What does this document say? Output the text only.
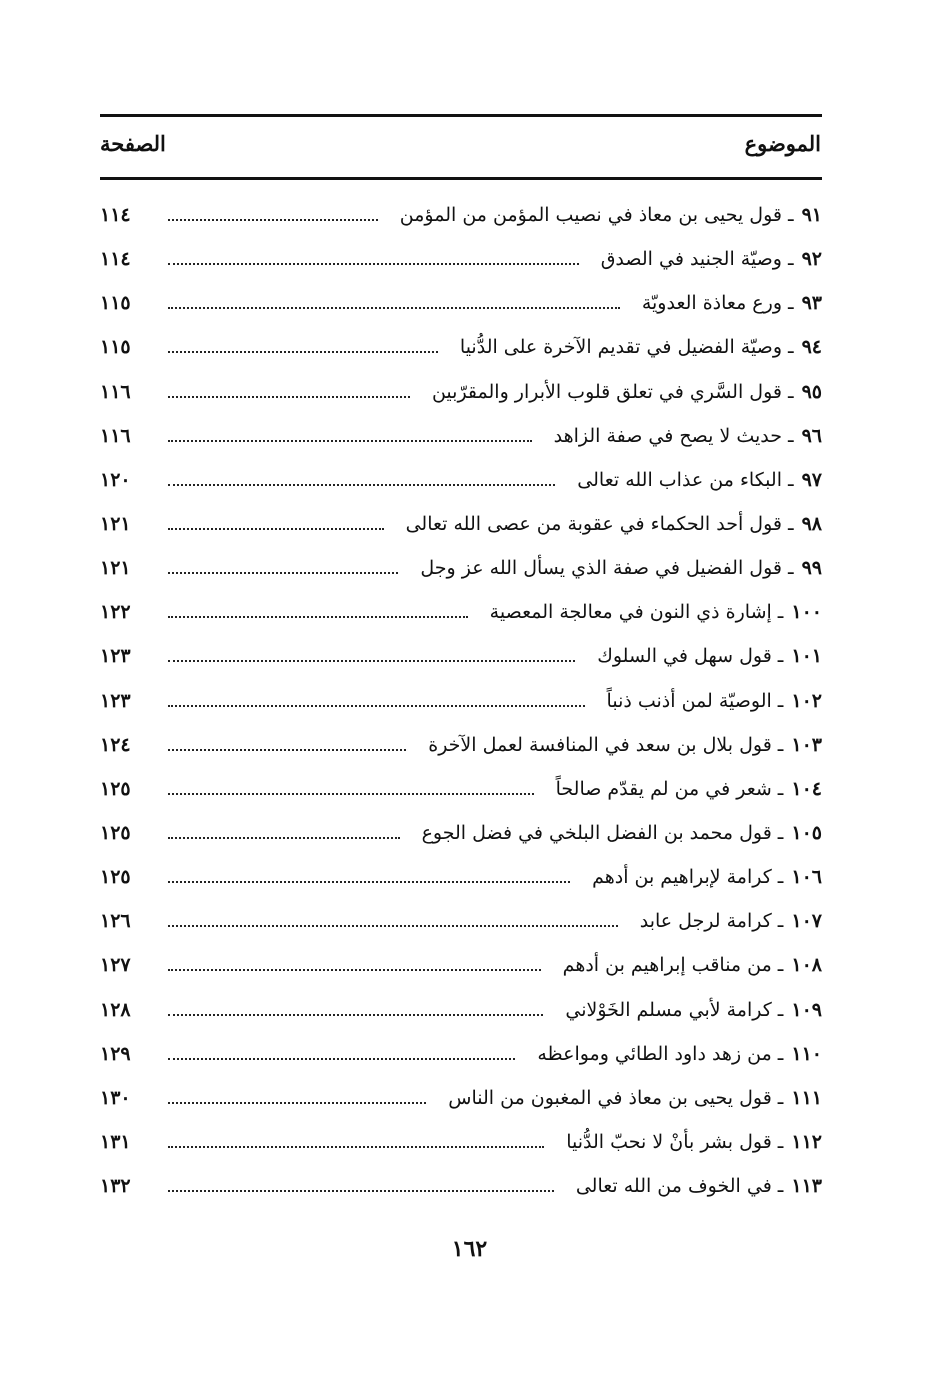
الموضوع
الصفحة
٩١
ـ
قول يحيى بن معاذ في نصيب المؤمن من المؤمن
١١٤
٩٢
ـ
وصيّة الجنيد في الصدق
١١٤
٩٣
ـ
ورع معاذة العدويّة
١١٥
٩٤
ـ
وصيّة الفضيل في تقديم الآخرة على الدُّنيا
١١٥
٩٥
ـ
قول السَّري في تعلق قلوب الأبرار والمقرّبين
١١٦
٩٦
ـ
حديث لا يصح في صفة الزاهد
١١٦
٩٧
ـ
البكاء من عذاب الله تعالى
١٢٠
٩٨
ـ
قول أحد الحكماء في عقوبة من عصى الله تعالى
١٢١
٩٩
ـ
قول الفضيل في صفة الذي يسأل الله عز وجل
١٢١
١٠٠
ـ
إشارة ذي النون في معالجة المعصية
١٢٢
١٠١
ـ
قول سهل في السلوك
١٢٣
١٠٢
ـ
الوصيّة لمن أذنب ذنباً
١٢٣
١٠٣
ـ
قول بلال بن سعد في المنافسة لعمل الآخرة
١٢٤
١٠٤
ـ
شعر في من لم يقدّم صالحاً
١٢٥
١٠٥
ـ
قول محمد بن الفضل البلخي في فضل الجوع
١٢٥
١٠٦
ـ
كرامة لإبراهيم بن أدهم
١٢٥
١٠٧
ـ
كرامة لرجل عابد
١٢٦
١٠٨
ـ
من مناقب إبراهيم بن أدهم
١٢٧
١٠٩
ـ
كرامة لأبي مسلم الخَوْلاني
١٢٨
١١٠
ـ
من زهد داود الطائي ومواعظه
١٢٩
١١١
ـ
قول يحيى بن معاذ في المغبون من الناس
١٣٠
١١٢
ـ
قول بشر بأنْ لا نحبّ الدُّنيا
١٣١
١١٣
ـ
في الخوف من الله تعالى
١٣٢
١٦٢
